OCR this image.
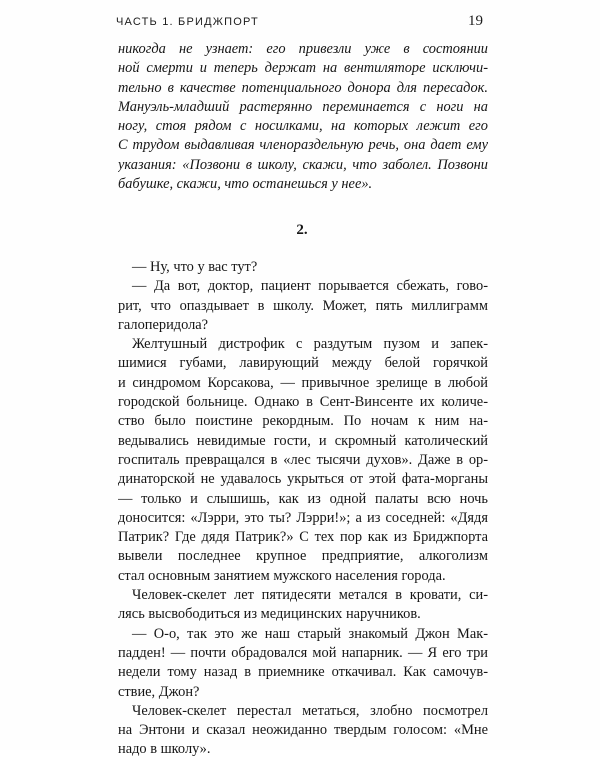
ЧАСТЬ 1. БРИДЖПОРТ	19
никогда не узнает: его привезли уже в состоянии
ной смерти и теперь держат на вентиляторе исключи-
тельно в качестве потенциального донора для пересадок.
Мануэль-младший растерянно переминается с ноги на
ногу, стоя рядом с носилками, на которых лежит его
С трудом выдавливая членораздельную речь, она дает ему
указания: «Позвони в школу, скажи, что заболел. Позвони
бабушке, скажи, что останешься у нее».
2.
— Ну, что у вас тут?
— Да вот, доктор, пациент порывается сбежать, гово-
рит, что опаздывает в школу. Может, пять миллиграмм
галоперидола?
Желтушный дистрофик с раздутым пузом и запек-
шимися губами, лавирующий между белой горячкой
и синдромом Корсакова, — привычное зрелище в любой
городской больнице. Однако в Сент-Винсенте их количе-
ство было поистине рекордным. По ночам к ним на-
ведывались невидимые гости, и скромный католический
госпиталь превращался в «лес тысячи духов». Даже в ор-
динаторской не удавалось укрыться от этой фата-морганы
— только и слышишь, как из одной палаты всю ночь
доносится: «Лэрри, это ты? Лэрри!»; а из соседней: «Дядя
Патрик? Где дядя Патрик?» С тех пор как из Бриджпорта
вывели последнее крупное предприятие, алкоголизм
стал основным занятием мужского населения города.
Человек-скелет лет пятидесяти метался в кровати, си-
лясь высвободиться из медицинских наручников.
— О-о, так это же наш старый знакомый Джон Мак-
падден! — почти обрадовался мой напарник. — Я его три
недели тому назад в приемнике откачивал. Как самочув-
ствие, Джон?
Человек-скелет перестал метаться, злобно посмотрел
на Энтони и сказал неожиданно твердым голосом: «Мне
надо в школу».
